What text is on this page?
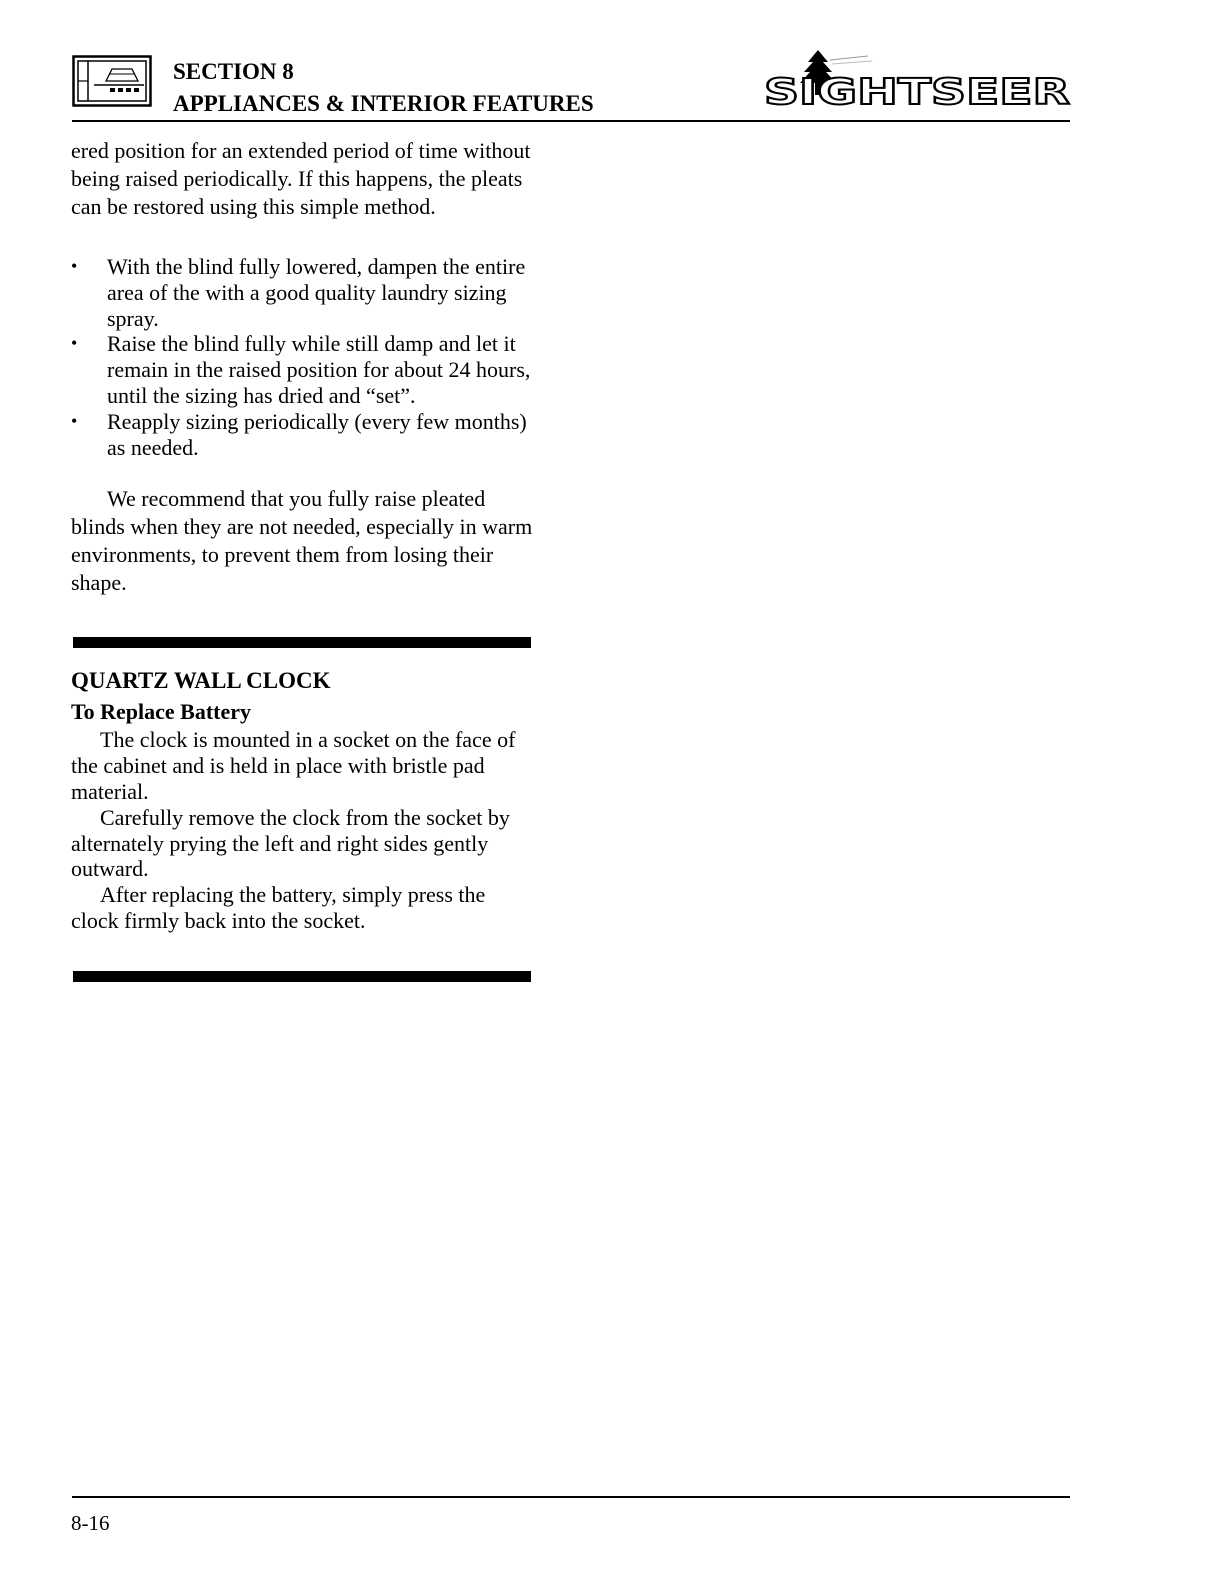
SECTION 8
APPLIANCES & INTERIOR FEATURES	SIGHTSEER

ered position for an extended period of time without being raised periodically. If this happens, the pleats can be restored using this simple method.

• With the blind fully lowered, dampen the entire area of the with a good quality laundry sizing spray.
• Raise the blind fully while still damp and let it remain in the raised position for about 24 hours, until the sizing has dried and “set”.
• Reapply sizing periodically (every few months) as needed.

We recommend that you fully raise pleated blinds when they are not needed, especially in warm environments, to prevent them from losing their shape.

QUARTZ WALL CLOCK
To Replace Battery

The clock is mounted in a socket on the face of the cabinet and is held in place with bristle pad material.

Carefully remove the clock from the socket by alternately prying the left and right sides gently outward.

After replacing the battery, simply press the clock firmly back into the socket.

8-16
